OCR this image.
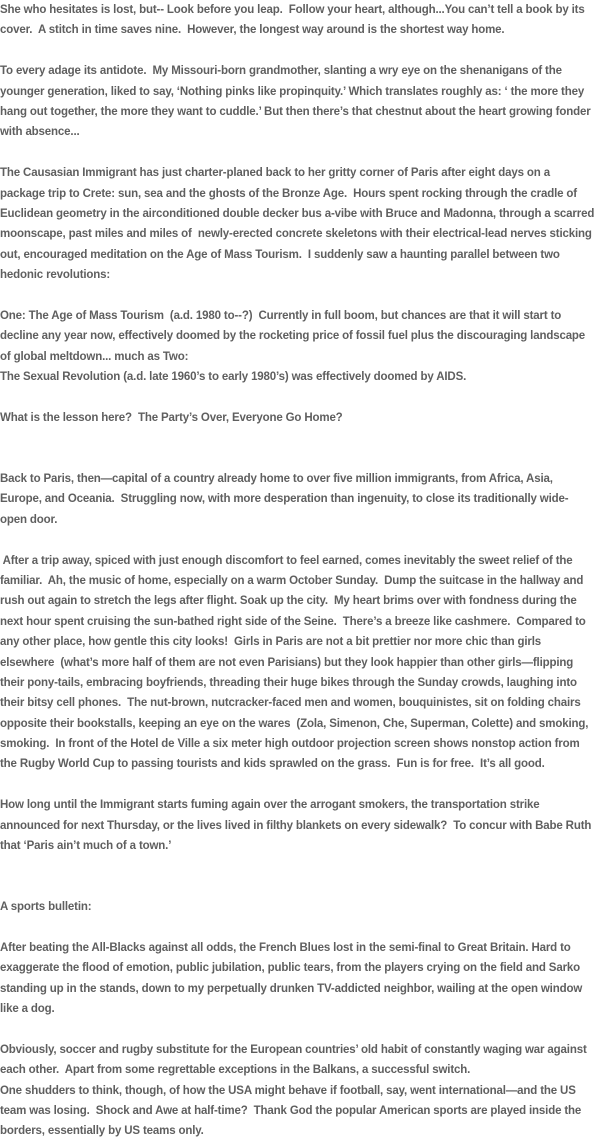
She who hesitates is lost, but-- Look before you leap.  Follow your heart, although...You can’t tell a book by its
cover.  A stitch in time saves nine.  However, the longest way around is the shortest way home.
To every adage its antidote.  My Missouri-born grandmother, slanting a wry eye on the shenanigans of the
younger generation, liked to say, ‘Nothing pinks like propinquity.’ Which translates roughly as: ‘ the more they
hang out together, the more they want to cuddle.’ But then there’s that chestnut about the heart growing fonder
with absence...
The Causasian Immigrant has just charter-planed back to her gritty corner of Paris after eight days on a
package trip to Crete: sun, sea and the ghosts of the Bronze Age.  Hours spent rocking through the cradle of
Euclidean geometry in the airconditioned double decker bus a-vibe with Bruce and Madonna, through a scarred
moonscape, past miles and miles of  newly-erected concrete skeletons with their electrical-lead nerves sticking
out, encouraged meditation on the Age of Mass Tourism.  I suddenly saw a haunting parallel between two
hedonic revolutions:
One: The Age of Mass Tourism  (a.d. 1980 to--?)  Currently in full boom, but chances are that it will start to
decline any year now, effectively doomed by the rocketing price of fossil fuel plus the discouraging landscape
of global meltdown... much as Two:
The Sexual Revolution (a.d. late 1960’s to early 1980’s) was effectively doomed by AIDS.
What is the lesson here?  The Party’s Over, Everyone Go Home?
Back to Paris, then—capital of a country already home to over five million immigrants, from Africa, Asia,
Europe, and Oceania.  Struggling now, with more desperation than ingenuity, to close its traditionally wide-
open door.
After a trip away, spiced with just enough discomfort to feel earned, comes inevitably the sweet relief of the
familiar.  Ah, the music of home, especially on a warm October Sunday.  Dump the suitcase in the hallway and
rush out again to stretch the legs after flight. Soak up the city.  My heart brims over with fondness during the
next hour spent cruising the sun-bathed right side of the Seine.  There’s a breeze like cashmere.  Compared to
any other place, how gentle this city looks!  Girls in Paris are not a bit prettier nor more chic than girls
elsewhere  (what’s more half of them are not even Parisians) but they look happier than other girls—flipping
their pony-tails, embracing boyfriends, threading their huge bikes through the Sunday crowds, laughing into
their bitsy cell phones.  The nut-brown, nutcracker-faced men and women, bouquinistes, sit on folding chairs
opposite their bookstalls, keeping an eye on the wares  (Zola, Simenon, Che, Superman, Colette) and smoking,
smoking.  In front of the Hotel de Ville a six meter high outdoor projection screen shows nonstop action from
the Rugby World Cup to passing tourists and kids sprawled on the grass.  Fun is for free.  It’s all good.
How long until the Immigrant starts fuming again over the arrogant smokers, the transportation strike
announced for next Thursday, or the lives lived in filthy blankets on every sidewalk?  To concur with Babe Ruth
that ‘Paris ain’t much of a town.’
A sports bulletin:
After beating the All-Blacks against all odds, the French Blues lost in the semi-final to Great Britain. Hard to
exaggerate the flood of emotion, public jubilation, public tears, from the players crying on the field and Sarko
standing up in the stands, down to my perpetually drunken TV-addicted neighbor, wailing at the open window
like a dog.
Obviously, soccer and rugby substitute for the European countries’ old habit of constantly waging war against
each other.  Apart from some regrettable exceptions in the Balkans, a successful switch.
One shudders to think, though, of how the USA might behave if football, say, went international—and the US
team was losing.  Shock and Awe at half-time?  Thank God the popular American sports are played inside the
borders, essentially by US teams only.
